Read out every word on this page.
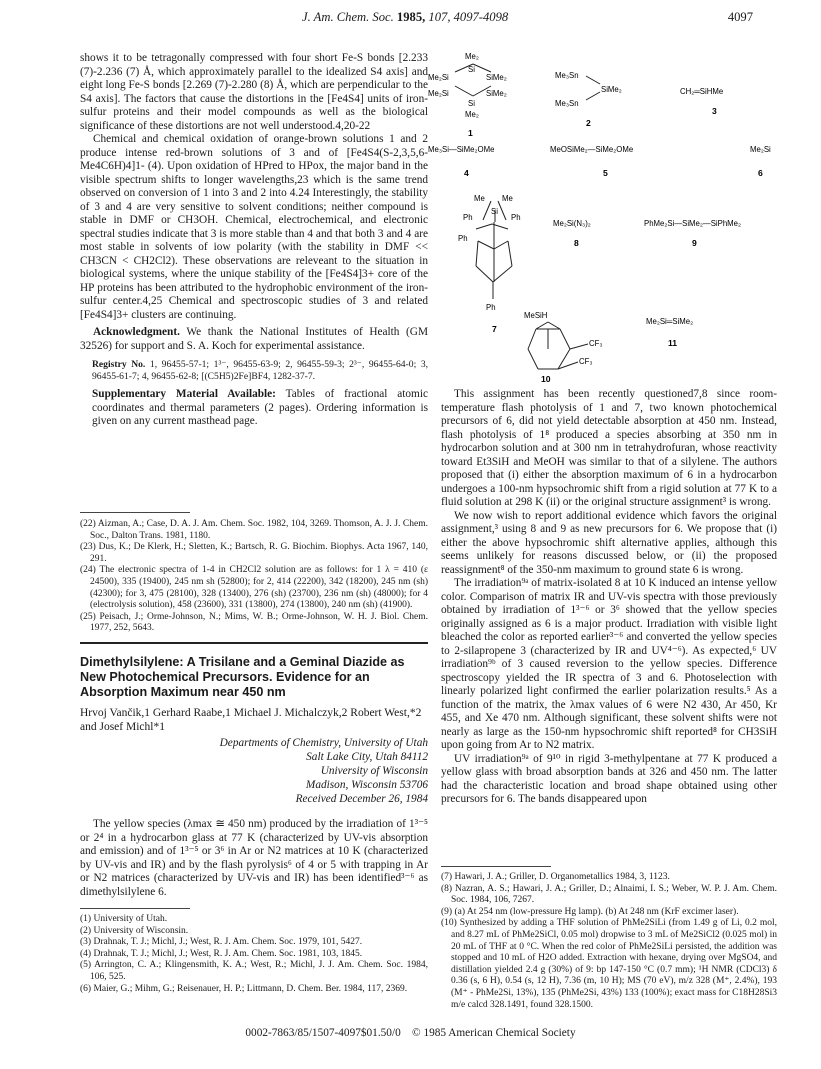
J. Am. Chem. Soc. 1985, 107, 4097-4098	4097

shows it to be tetragonally compressed with four short Fe-S bonds [2.233 (7)-2.236 (7) Å, which approximately parallel to the idealized S4 axis] and eight long Fe-S bonds [2.269 (7)-2.280 (8) Å, which are perpendicular to the S4 axis]. The factors that cause the distortions in the [Fe4S4] units of iron-sulfur proteins and their model compounds as well as the biological significance of these distortions are not well understood.4,20-22

Chemical and chemical oxidation of orange-brown solutions 1 and 2 produce intense red-brown solutions of 3 and of [Fe4S4(S-2,3,5,6-Me4C6H)4]1- (4). Upon oxidation of HPred to HPox, the major band in the visible spectrum shifts to longer wavelengths,23 which is the same trend observed on conversion of 1 into 3 and 2 into 4.24 Interestingly, the stability of 3 and 4 are very sensitive to solvent conditions; neither compound is stable in DMF or CH3OH. Chemical, electrochemical, and electronic spectral studies indicate that 3 is more stable than 4 and that both 3 and 4 are most stable in solvents of iow polarity (with the stability in DMF << CH3CN < CH2Cl2). These observations are releveant to the situation in biological systems, where the unique stability of the [Fe4S4]3+ core of the HP proteins has been attributed to the hydrophobic environment of the iron-sulfur center.4,25 Chemical and spectroscopic studies of 3 and related [Fe4S4]3+ clusters are continuing.

Acknowledgment. We thank the National Institutes of Health (GM 32526) for support and S. A. Koch for experimental assistance.

Registry No. 1, 96455-57-1; 1³⁻, 96455-63-9; 2, 96455-59-3; 2³⁻, 96455-64-0; 3, 96455-61-7; 4, 96455-62-8; [(C5H5)2Fe]BF4, 1282-37-7.

Supplementary Material Available: Tables of fractional atomic coordinates and thermal parameters (2 pages). Ordering information is given on any current masthead page.

(22) Aizman, A.; Case, D. A. J. Am. Chem. Soc. 1982, 104, 3269. Thomson, A. J. J. Chem. Soc., Dalton Trans. 1981, 1180.

(23) Dus, K.; De Klerk, H.; Sletten, K.; Bartsch, R. G. Biochim. Biophys. Acta 1967, 140, 291.

(24) The electronic spectra of 1-4 in CH2Cl2 solution are as follows: for 1 λ = 410 (ε 24500), 335 (19400), 245 nm sh (52800); for 2, 414 (22200), 342 (18200), 245 nm (sh) (42300); for 3, 475 (28100), 328 (13400), 276 (sh) (23700), 236 nm (sh) (48000); for 4 (electrolysis solution), 458 (23600), 331 (13800), 274 (13800), 240 nm (sh) (41900).

(25) Peisach, J.; Orme-Johnson, N.; Mims, W. B.; Orme-Johnson, W. H. J. Biol. Chem. 1977, 252, 5643.

Dimethylsilylene: A Trisilane and a Geminal Diazide as New Photochemical Precursors. Evidence for an Absorption Maximum near 450 nm
Hrvoj Vančik,1 Gerhard Raabe,1 Michael J. Michalczyk,2 Robert West,*2 and Josef Michl*1
Departments of Chemistry, University of Utah
Salt Lake City, Utah 84112
University of Wisconsin
Madison, Wisconsin 53706
Received December 26, 1984

The yellow species (λmax ≅ 450 nm) produced by the irradiation of 1³⁻⁵ or 2⁴ in a hydrocarbon glass at 77 K (characterized by UV-vis absorption and emission) and of 1³⁻⁵ or 3⁶ in Ar or N2 matrices at 10 K (characterized by UV-vis and IR) and by the flash pyrolysis⁶ of 4 or 5 with trapping in Ar or N2 matrices (characterized by UV-vis and IR) has been identified³⁻⁶ as dimethylsilylene 6.

(1) University of Utah.

(2) University of Wisconsin.

(3) Drahnak, T. J.; Michl, J.; West, R. J. Am. Chem. Soc. 1979, 101, 5427.

(4) Drahnak, T. J.; Michl, J.; West, R. J. Am. Chem. Soc. 1981, 103, 1845.

(5) Arrington, C. A.; Klingensmith, K. A.; West, R.; Michl, J. J. Am. Chem. Soc. 1984, 106, 525.

(6) Maier, G.; Mihm, G.; Reisenauer, H. P.; Littmann, D. Chem. Ber. 1984, 117, 2369.

Me₂
Si
Me₂Si	SiMe₂
Me₂Si	SiMe₂
Si
Me₂
1
Me₃Sn
SiMe₂
Me₃Sn
2
CH₂═SiHMe
3
Me₃Si—SiMe₂OMe
4
MeOSiMe₂—SiMe₂OMe
5
Me₂Si
6
Me Me
Si
Ph	Ph
Ph
Ph
7
Me₂Si(N₃)₂
8
PhMe₂Si—SiMe₂—SiPhMe₂
9
MeSiH
CF₃
CF₃
10
Me₂Si═SiMe₂
11

This assignment has been recently questioned7,8 since room-temperature flash photolysis of 1 and 7, two known photochemical precursors of 6, did not yield detectable absorption at 450 nm. Instead, flash photolysis of 1⁸ produced a species absorbing at 350 nm in hydrocarbon solution and at 300 nm in tetrahydrofuran, whose reactivity toward Et3SiH and MeOH was similar to that of a silylene. The authors proposed that (i) either the absorption maximum of 6 in a hydrocarbon undergoes a 100-nm hypsochromic shift from a rigid solution at 77 K to a fluid solution at 298 K (ii) or the original structure assignment³ is wrong.

We now wish to report additional evidence which favors the original assignment,³ using 8 and 9 as new precursors for 6. We propose that (i) either the above hypsochromic shift alternative applies, although this seems unlikely for reasons discussed below, or (ii) the proposed reassignment⁸ of the 350-nm maximum to ground state 6 is wrong.

The irradiation⁹ᵃ of matrix-isolated 8 at 10 K induced an intense yellow color. Comparison of matrix IR and UV-vis spectra with those previously obtained by irradiation of 1³⁻⁶ or 3⁶ showed that the yellow species originally assigned as 6 is a major product. Irradiation with visible light bleached the color as reported earlier³⁻⁶ and converted the yellow species to 2-silapropene 3 (characterized by IR and UV⁴⁻⁶). As expected,⁶ UV irradiation⁹ᵇ of 3 caused reversion to the yellow species. Difference spectroscopy yielded the IR spectra of 3 and 6. Photoselection with linearly polarized light confirmed the earlier polarization results.⁵ As a function of the matrix, the λmax values of 6 were N2 430, Ar 450, Kr 455, and Xe 470 nm. Although significant, these solvent shifts were not nearly as large as the 150-nm hypsochromic shift reported⁸ for CH3SiH upon going from Ar to N2 matrix.

UV irradiation⁹ᵃ of 9¹⁰ in rigid 3-methylpentane at 77 K produced a yellow glass with broad absorption bands at 326 and 450 nm. The latter had the characteristic location and broad shape obtained using other precursors for 6. The bands disappeared upon

(7) Hawari, J. A.; Griller, D. Organometallics 1984, 3, 1123.

(8) Nazran, A. S.; Hawari, J. A.; Griller, D.; Alnaimi, I. S.; Weber, W. P. J. Am. Chem. Soc. 1984, 106, 7267.

(9) (a) At 254 nm (low-pressure Hg lamp). (b) At 248 nm (KrF excimer laser).

(10) Synthesized by adding a THF solution of PhMe2SiLi (from 1.49 g of Li, 0.2 mol, and 8.27 mL of PhMe2SiCl, 0.05 mol) dropwise to 3 mL of Me2SiCl2 (0.025 mol) in 20 mL of THF at 0 °C. When the red color of PhMe2SiLi persisted, the addition was stopped and 10 mL of H2O added. Extraction with hexane, drying over MgSO4, and distillation yielded 2.4 g (30%) of 9: bp 147-150 °C (0.7 mm); ¹H NMR (CDCl3) δ 0.36 (s, 6 H), 0.54 (s, 12 H), 7.36 (m, 10 H); MS (70 eV), m/z 328 (M⁺, 2.4%), 193 (M⁺ - PhMe2Si, 13%), 135 (PhMe2Si, 43%) 133 (100%); exact mass for C18H28Si3 m/e calcd 328.1491, found 328.1500.

0002-7863/85/1507-4097$01.50/0 © 1985 American Chemical Society
